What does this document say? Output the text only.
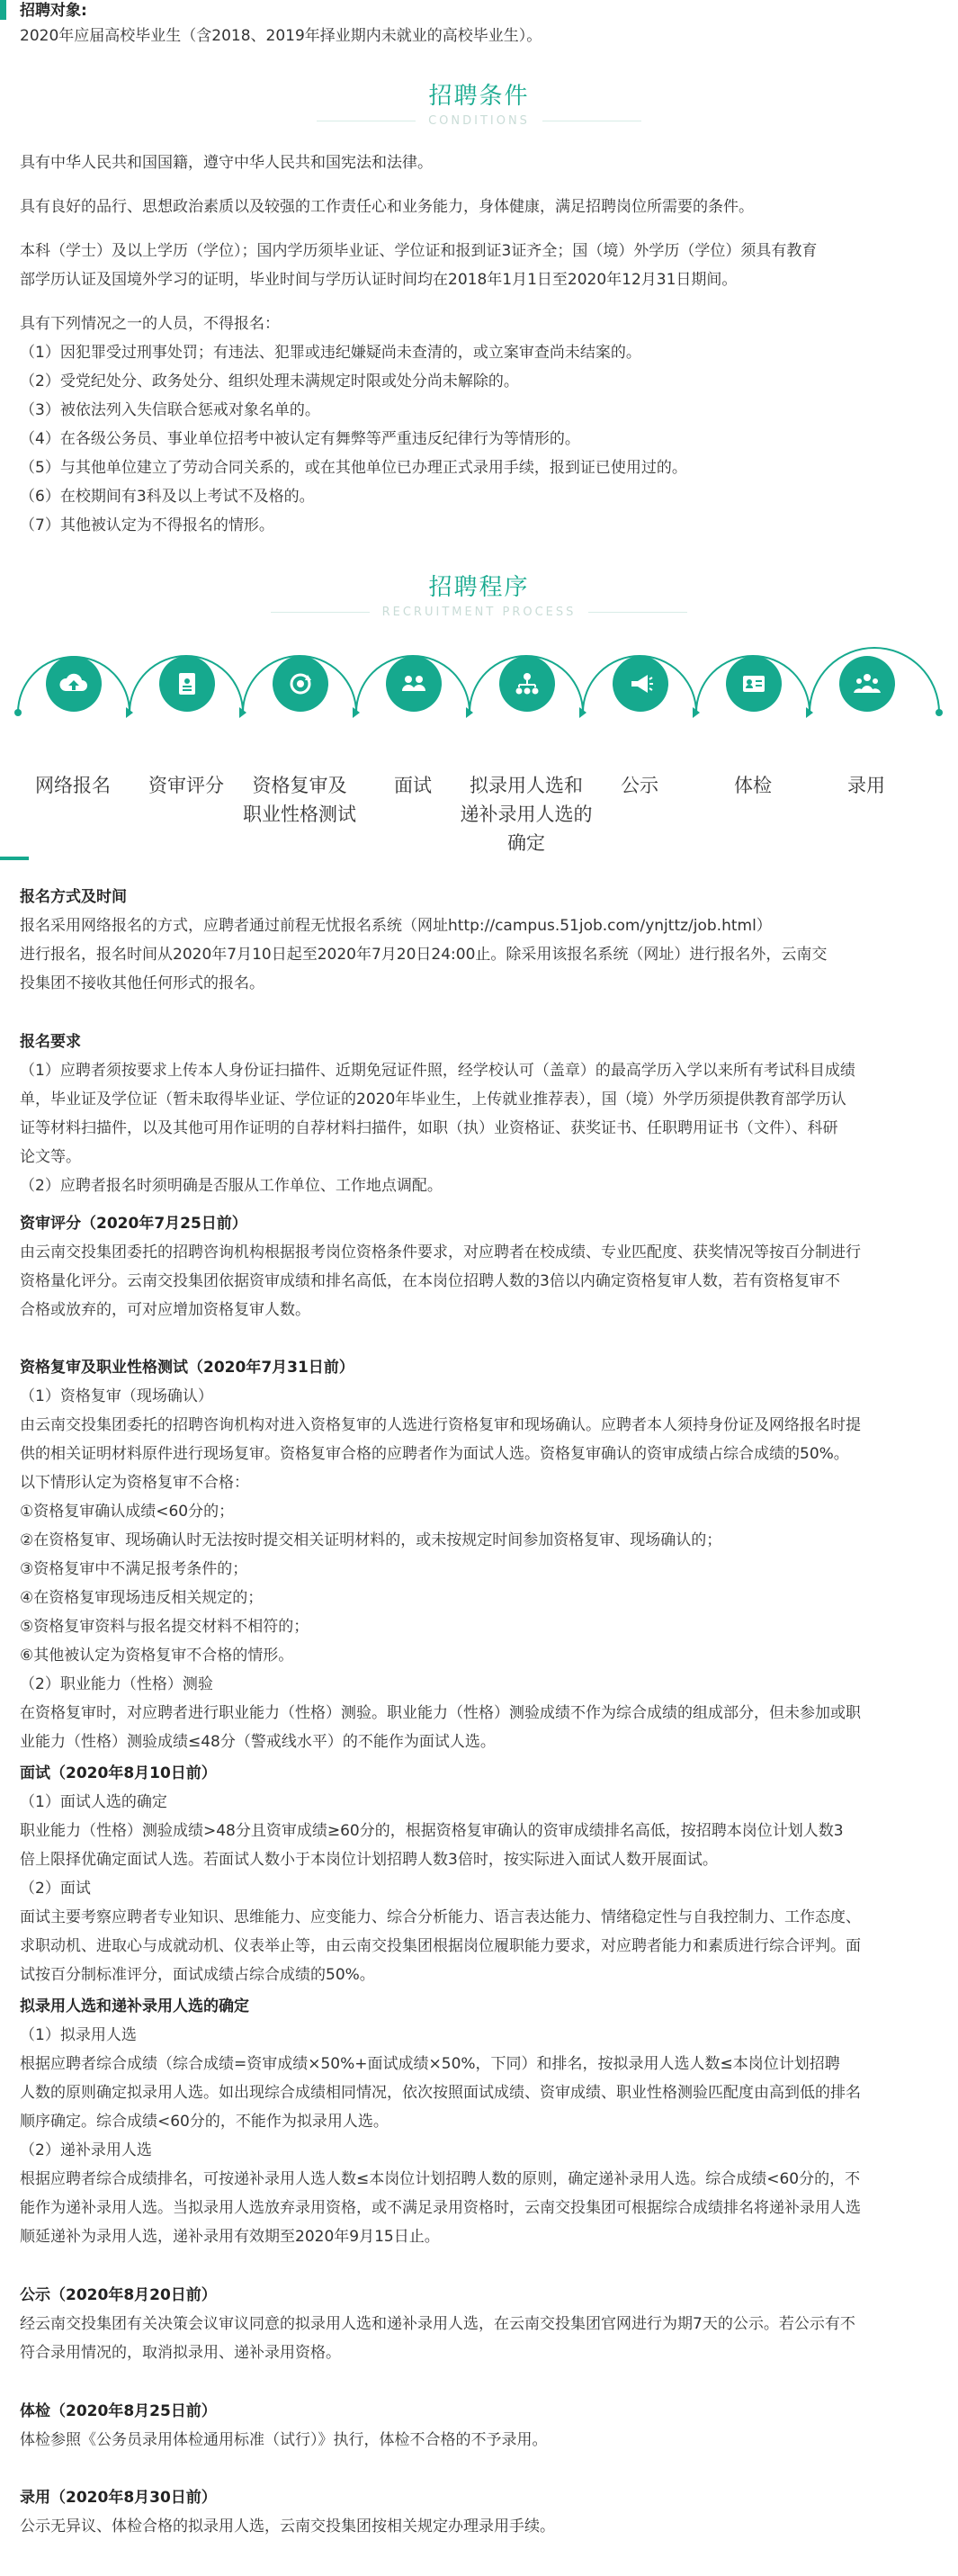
招聘对象:
2020年应届高校毕业生（含2018、2019年择业期内未就业的高校毕业生）。
招聘条件
CONDITIONS
具有中华人民共和国国籍，遵守中华人民共和国宪法和法律。
具有良好的品行、思想政治素质以及较强的工作责任心和业务能力，身体健康，满足招聘岗位所需要的条件。
本科（学士）及以上学历（学位）；国内学历须毕业证、学位证和报到证3证齐全；国（境）外学历（学位）须具有教育
部学历认证及国境外学习的证明，毕业时间与学历认证时间均在2018年1月1日至2020年12月31日期间。
具有下列情况之一的人员，不得报名：
（1）因犯罪受过刑事处罚；有违法、犯罪或违纪嫌疑尚未查清的，或立案审查尚未结案的。
（2）受党纪处分、政务处分、组织处理未满规定时限或处分尚未解除的。
（3）被依法列入失信联合惩戒对象名单的。
（4）在各级公务员、事业单位招考中被认定有舞弊等严重违反纪律行为等情形的。
（5）与其他单位建立了劳动合同关系的，或在其他单位已办理正式录用手续，报到证已使用过的。
（6）在校期间有3科及以上考试不及格的。
（7）其他被认定为不得报名的情形。
招聘程序
RECRUITMENT PROCESS
网络报名	资审评分	资格复审及
职业性格测试
面试	拟录用人选和
递补录用人选的确定
公示	体检	录用
报名方式及时间
报名采用网络报名的方式，应聘者通过前程无忧报名系统（网址http://campus.51job.com/ynjttz/job.html）
进行报名，报名时间从2020年7月10日起至2020年7月20日24:00止。除采用该报名系统（网址）进行报名外，云南交
投集团不接收其他任何形式的报名。
报名要求
（1）应聘者须按要求上传本人身份证扫描件、近期免冠证件照，经学校认可（盖章）的最高学历入学以来所有考试科目成绩
单，毕业证及学位证（暂未取得毕业证、学位证的2020年毕业生，上传就业推荐表），国（境）外学历须提供教育部学历认
证等材料扫描件，以及其他可用作证明的自荐材料扫描件，如职（执）业资格证、获奖证书、任职聘用证书（文件）、科研
论文等。
（2）应聘者报名时须明确是否服从工作单位、工作地点调配。
资审评分（2020年7月25日前）
由云南交投集团委托的招聘咨询机构根据报考岗位资格条件要求，对应聘者在校成绩、专业匹配度、获奖情况等按百分制进行
资格量化评分。云南交投集团依据资审成绩和排名高低，在本岗位招聘人数的3倍以内确定资格复审人数，若有资格复审不
合格或放弃的，可对应增加资格复审人数。
资格复审及职业性格测试（2020年7月31日前）
（1）资格复审（现场确认）
由云南交投集团委托的招聘咨询机构对进入资格复审的人选进行资格复审和现场确认。应聘者本人须持身份证及网络报名时提
供的相关证明材料原件进行现场复审。资格复审合格的应聘者作为面试人选。资格复审确认的资审成绩占综合成绩的50%。
以下情形认定为资格复审不合格：
①资格复审确认成绩<60分的；
②在资格复审、现场确认时无法按时提交相关证明材料的，或未按规定时间参加资格复审、现场确认的；
③资格复审中不满足报考条件的；
④在资格复审现场违反相关规定的；
⑤资格复审资料与报名提交材料不相符的；
⑥其他被认定为资格复审不合格的情形。
（2）职业能力（性格）测验
在资格复审时，对应聘者进行职业能力（性格）测验。职业能力（性格）测验成绩不作为综合成绩的组成部分，但未参加或职
业能力（性格）测验成绩≤48分（警戒线水平）的不能作为面试人选。
面试（2020年8月10日前）
（1）面试人选的确定
职业能力（性格）测验成绩>48分且资审成绩≥60分的，根据资格复审确认的资审成绩排名高低，按招聘本岗位计划人数3
倍上限择优确定面试人选。若面试人数小于本岗位计划招聘人数3倍时，按实际进入面试人数开展面试。
（2）面试
面试主要考察应聘者专业知识、思维能力、应变能力、综合分析能力、语言表达能力、情绪稳定性与自我控制力、工作态度、
求职动机、进取心与成就动机、仪表举止等，由云南交投集团根据岗位履职能力要求，对应聘者能力和素质进行综合评判。面
试按百分制标准评分，面试成绩占综合成绩的50%。
拟录用人选和递补录用人选的确定
（1）拟录用人选
根据应聘者综合成绩（综合成绩=资审成绩×50%+面试成绩×50%，下同）和排名，按拟录用人选人数≤本岗位计划招聘
人数的原则确定拟录用人选。如出现综合成绩相同情况，依次按照面试成绩、资审成绩、职业性格测验匹配度由高到低的排名
顺序确定。综合成绩<60分的，不能作为拟录用人选。
（2）递补录用人选
根据应聘者综合成绩排名，可按递补录用人选人数≤本岗位计划招聘人数的原则，确定递补录用人选。综合成绩<60分的，不
能作为递补录用人选。当拟录用人选放弃录用资格，或不满足录用资格时，云南交投集团可根据综合成绩排名将递补录用人选
顺延递补为录用人选，递补录用有效期至2020年9月15日止。
公示（2020年8月20日前）
经云南交投集团有关决策会议审议同意的拟录用人选和递补录用人选，在云南交投集团官网进行为期7天的公示。若公示有不
符合录用情况的，取消拟录用、递补录用资格。
体检（2020年8月25日前）
体检参照《公务员录用体检通用标准（试行）》执行，体检不合格的不予录用。
录用（2020年8月30日前）
公示无异议、体检合格的拟录用人选，云南交投集团按相关规定办理录用手续。
